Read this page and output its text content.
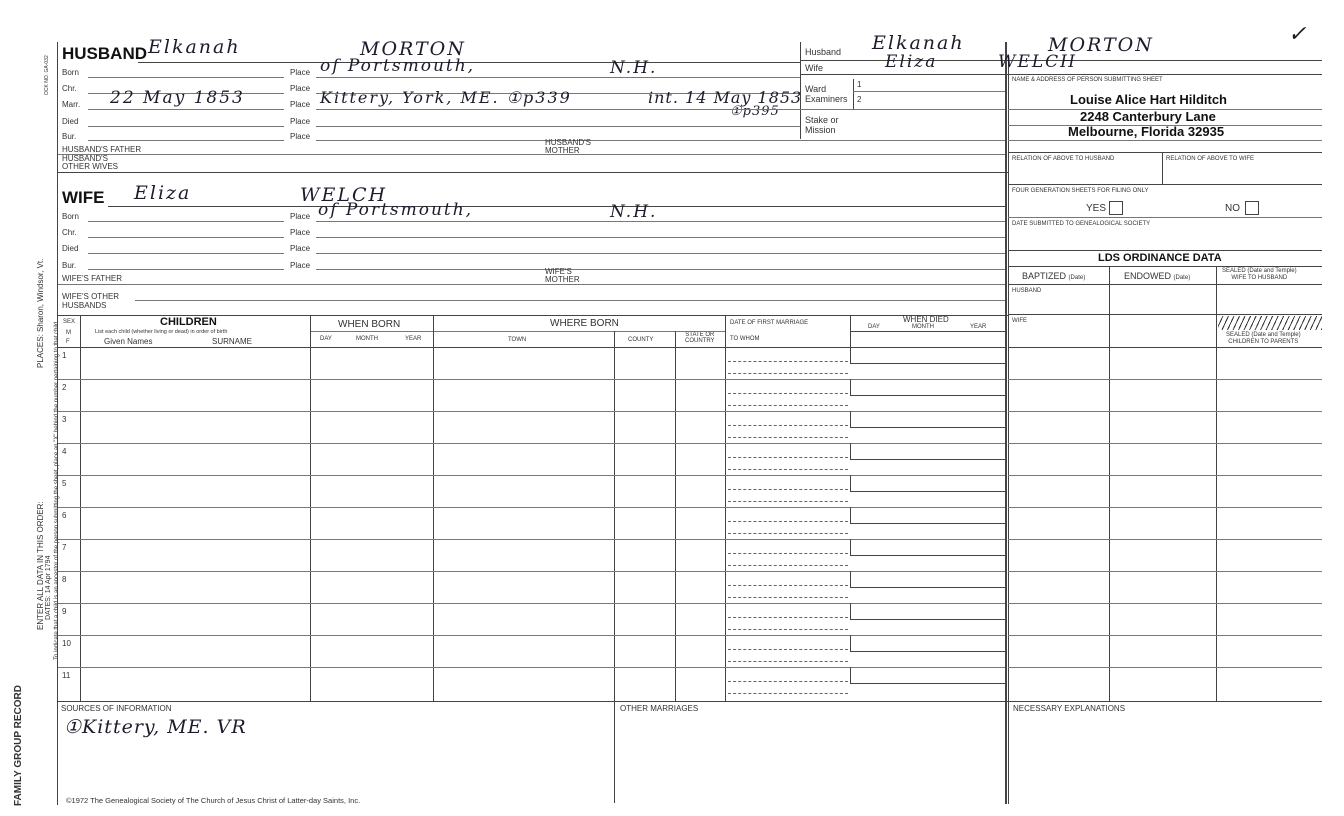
FAMILY GROUP RECORD
ENTER ALL DATA IN THIS ORDER:
PLACES: Sharon, Windsor, Vt.
DATES: 14 Apr 1794 To indicate that a child is an ancestor of the person submitting the sheet, place an "X" behind the number pertaining to that child
OCK NO. GA-032
HUSBAND Elkanah	MORTON
Born	Place of Portsmouth,	N.H.
Chr.	Place
Marr.	Place
22 May 1853	Kittery, York, ME. ①p339	int. 14 May 1853
①p395
Died	Place
Bur.	Place
HUSBAND'S FATHER
HUSBAND'S
MOTHER
HUSBAND'S
OTHER WIVES
WIFE Eliza	WELCH
Born	Place of Portsmouth,	N.H.
Chr.	Place
Died	Place
Bur.	Place
WIFE'S FATHER
WIFE'S
MOTHER
WIFE'S OTHER
HUSBANDS
SEX
M
F
CHILDREN
List each child (whether living or dead) in order of birth
Given Names	SURNAME
WHEN BORN
DAY	MONTH	YEAR
WHERE BORN
TOWN	COUNTY
STATE OR
COUNTRY
DATE OF FIRST MARRIAGE
TO WHOM
WHEN DIED
DAY	MONTH	YEAR
1
2
3
4
5
6
7
8
9
10
11
SOURCES OF INFORMATION
①Kittery, ME. VR
OTHER MARRIAGES
©1972 The Genealogical Society of The Church of Jesus Christ of Latter-day Saints, Inc.
Husband Elkanah	MORTON	✓
Wife	Eliza	WELCH
Ward
Examiners
1
2
Stake or
Mission
NAME & ADDRESS OF PERSON SUBMITTING SHEET
Louise Alice Hart Hilditch
2248 Canterbury Lane
Melbourne, Florida 32935
RELATION OF ABOVE TO HUSBAND	RELATION OF ABOVE TO WIFE
FOUR GENERATION SHEETS FOR FILING ONLY
YES	NO
DATE SUBMITTED TO GENEALOGICAL SOCIETY
LDS ORDINANCE DATA
BAPTIZED (Date)	ENDOWED (Date)
SEALED (Date and Temple)
WIFE TO HUSBAND
HUSBAND
WIFE
SEALED (Date and Temple)
CHILDREN TO PARENTS
NECESSARY EXPLANATIONS
